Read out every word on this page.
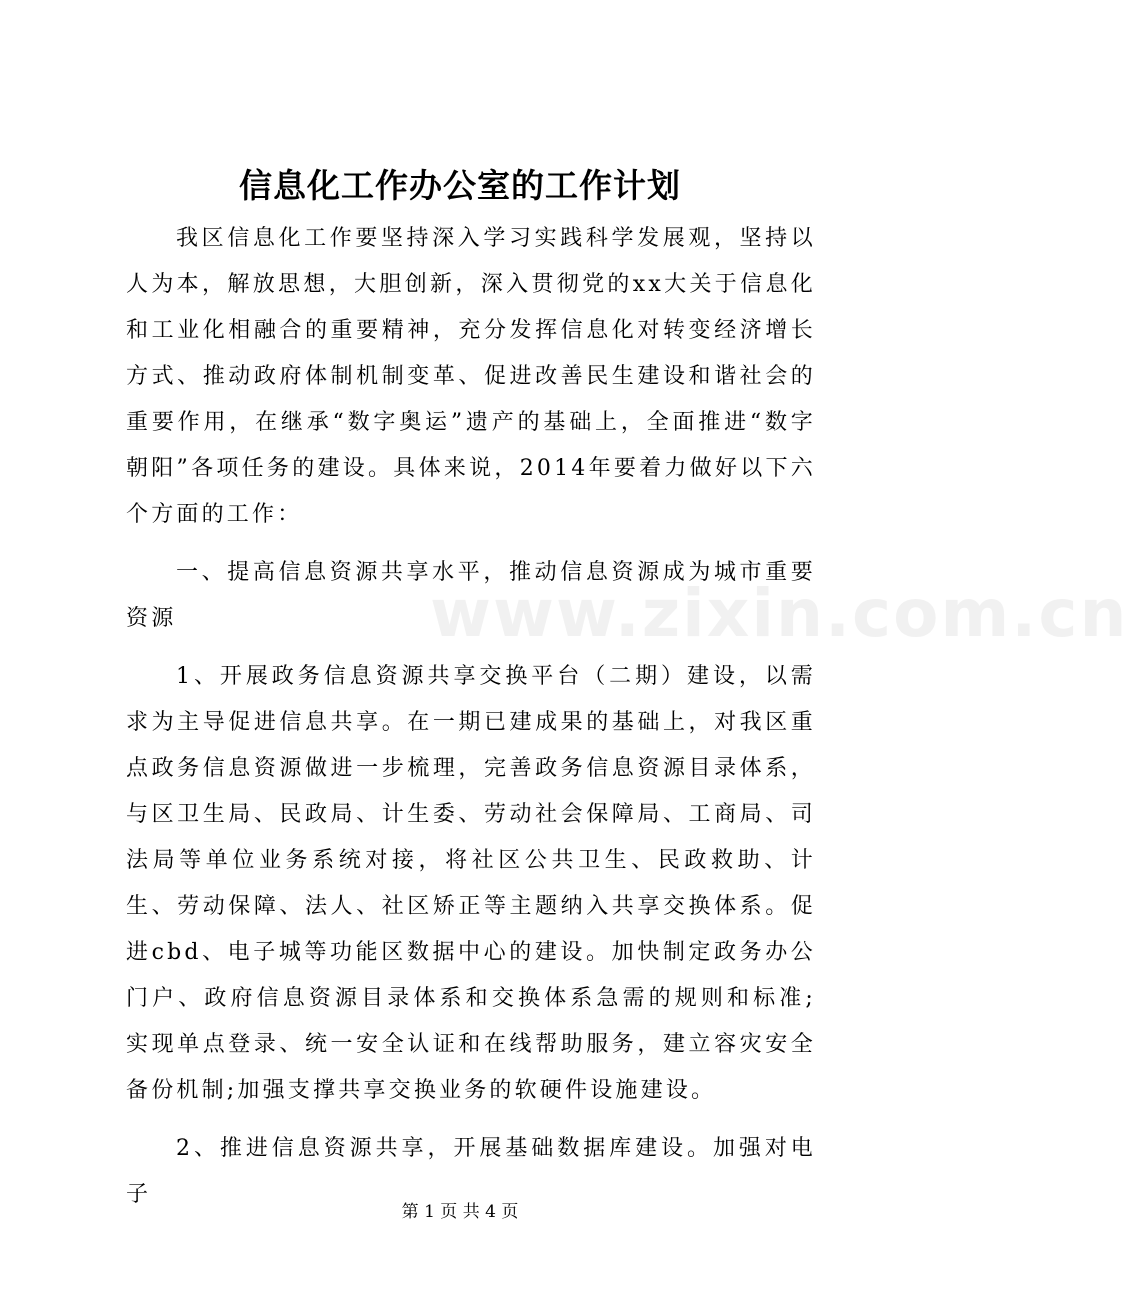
信息化工作办公室的工作计划

我区信息化工作要坚持深入学习实践科学发展观，坚持以人为本，解放思想，大胆创新，深入贯彻党的xx大关于信息化和工业化相融合的重要精神，充分发挥信息化对转变经济增长方式、推动政府体制机制变革、促进改善民生建设和谐社会的重要作用，在继承“数字奥运”遗产的基础上，全面推进“数字朝阳”各项任务的建设。具体来说，2014年要着力做好以下六个方面的工作：

一、提高信息资源共享水平，推动信息资源成为城市重要资源

1、开展政务信息资源共享交换平台（二期）建设，以需求为主导促进信息共享。在一期已建成果的基础上，对我区重点政务信息资源做进一步梳理，完善政务信息资源目录体系，与区卫生局、民政局、计生委、劳动社会保障局、工商局、司法局等单位业务系统对接，将社区公共卫生、民政救助、计生、劳动保障、法人、社区矫正等主题纳入共享交换体系。促进cbd、电子城等功能区数据中心的建设。加快制定政务办公门户、政府信息资源目录体系和交换体系急需的规则和标准;实现单点登录、统一安全认证和在线帮助服务，建立容灾安全备份机制;加强支撑共享交换业务的软硬件设施建设。

2、推进信息资源共享，开展基础数据库建设。加强对电子

www.zixin.com.cn
第 1 页 共 4 页
